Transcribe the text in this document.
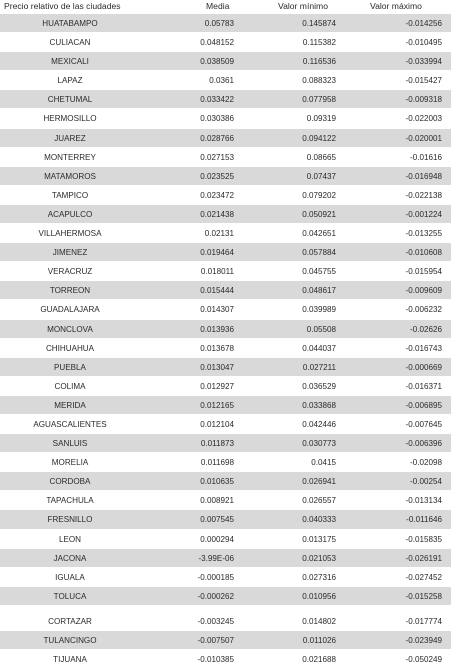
Precio relativo de las ciudades	Media	Valor mínimo	Valor máximo
HUATABAMPO	0.05783	0.145874	-0.014256
CULIACAN	0.048152	0.115382	-0.010495
MEXICALI	0.038509	0.116536	-0.033994
LAPAZ	0.0361	0.088323	-0.015427
CHETUMAL	0.033422	0.077958	-0.009318
HERMOSILLO	0.030386	0.09319	-0.022003
JUAREZ	0.028766	0.094122	-0.020001
MONTERREY	0.027153	0.08665	-0.01616
MATAMOROS	0.023525	0.07437	-0.016948
TAMPICO	0.023472	0.079202	-0.022138
ACAPULCO	0.021438	0.050921	-0.001224
VILLAHERMOSA	0.02131	0.042651	-0.013255
JIMENEZ	0.019464	0.057884	-0.010608
VERACRUZ	0.018011	0.045755	-0.015954
TORREON	0.015444	0.048617	-0.009609
GUADALAJARA	0.014307	0.039989	-0.006232
MONCLOVA	0.013936	0.05508	-0.02626
CHIHUAHUA	0.013678	0.044037	-0.016743
PUEBLA	0.013047	0.027211	-0.000669
COLIMA	0.012927	0.036529	-0.016371
MERIDA	0.012165	0.033868	-0.006895
AGUASCALIENTES	0.012104	0.042446	-0.007645
SANLUIS	0.011873	0.030773	-0.006396
MORELIA	0.011698	0.0415	-0.02098
CORDOBA	0.010635	0.026941	-0.00254
TAPACHULA	0.008921	0.026557	-0.013134
FRESNILLO	0.007545	0.040333	-0.011646
LEON	0.000294	0.013175	-0.015835
JACONA	-3.99E-06	0.021053	-0.026191
IGUALA	-0.000185	0.027316	-0.027452
TOLUCA	-0.000262	0.010956	-0.015258
CORTAZAR	-0.003245	0.014802	-0.017774
TULANCINGO	-0.007507	0.011026	-0.023949
TIJUANA	-0.010385	0.021688	-0.050249
